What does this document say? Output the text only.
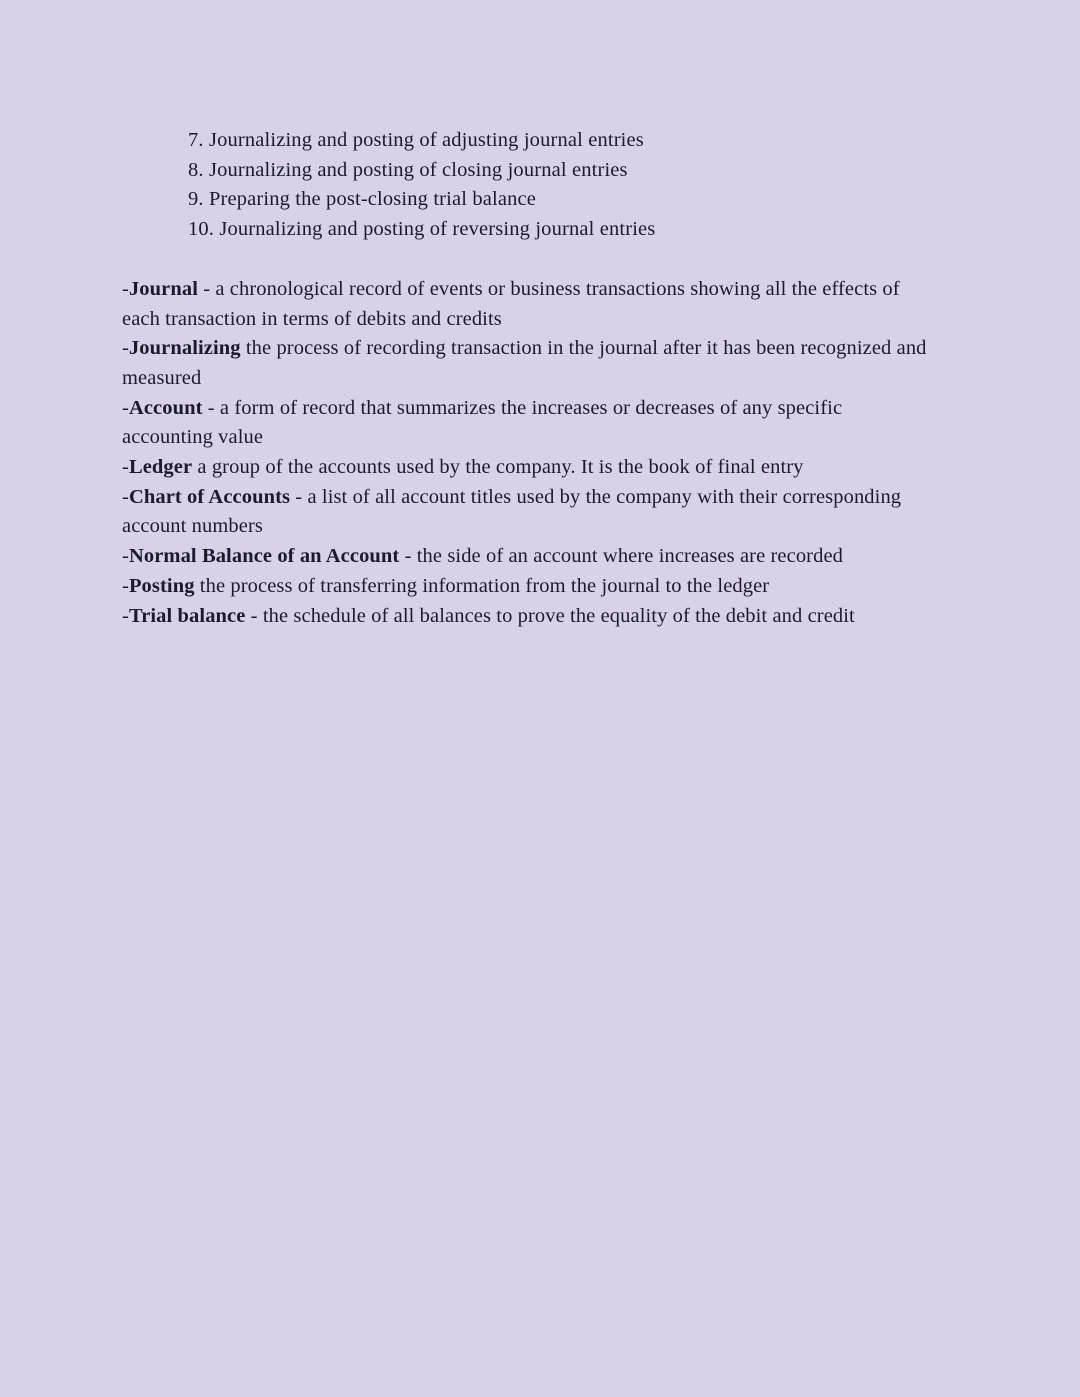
7. Journalizing and posting of adjusting journal entries
8. Journalizing and posting of closing journal entries
9. Preparing the post-closing trial balance
10. Journalizing and posting of reversing journal entries

-Journal - a chronological record of events or business transactions showing all the effects of each transaction in terms of debits and credits

-Journalizing the process of recording transaction in the journal after it has been recognized and measured

-Account - a form of record that summarizes the increases or decreases of any specific accounting value

-Ledger a group of the accounts used by the company. It is the book of final entry

-Chart of Accounts - a list of all account titles used by the company with their corresponding account numbers

-Normal Balance of an Account - the side of an account where increases are recorded

-Posting the process of transferring information from the journal to the ledger

-Trial balance - the schedule of all balances to prove the equality of the debit and credit
